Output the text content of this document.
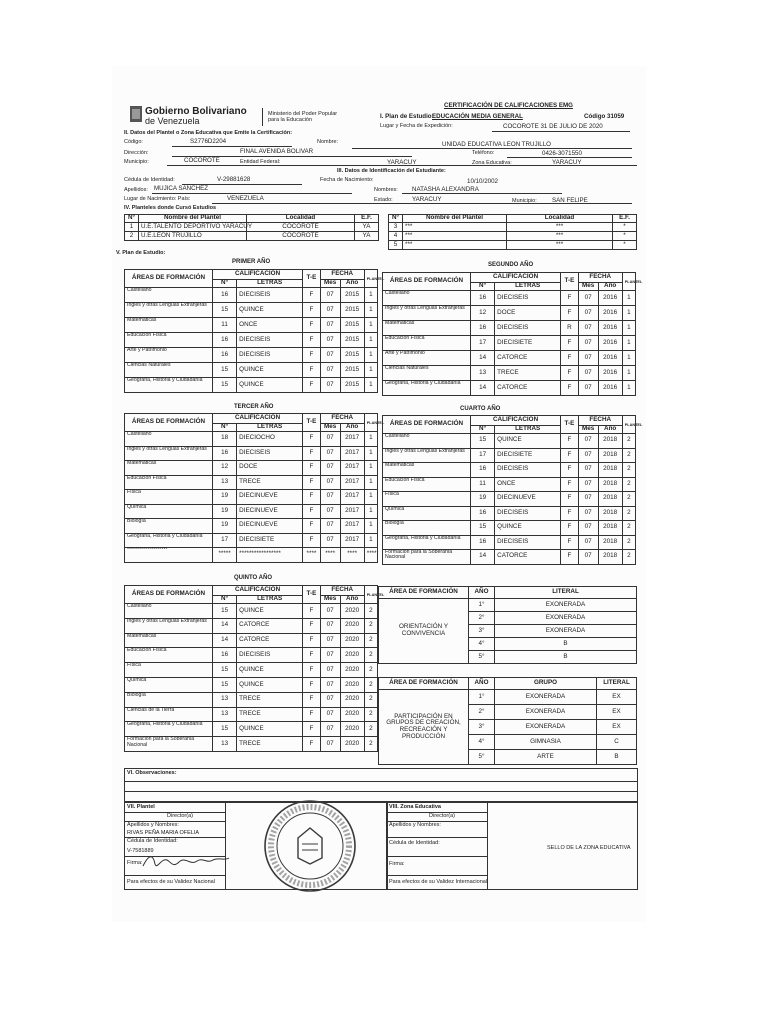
Gobierno Bolivariano
de Venezuela
Ministerio del Poder Popular
para la Educación
CERTIFICACIÓN DE CALIFICACIONES EMG
I. Plan de Estudio:
EDUCACIÓN MEDIA GENERAL	Código 31059
Lugar y Fecha de Expedición:	COCOROTE 31 DE JULIO DE 2020
II. Datos del Plantel o Zona Educativa que Emite la Certificación:
Código:	S2776D2204	Nombre:	UNIDAD EDUCATIVA LEON TRUJILLO
Dirección:	FINAL AVENIDA BOLIVAR	Teléfono:	0426-3071550
Municipio:	COCOROTE	Entidad Federal:	YARACUY	Zona Educativa:	YARACUY
III. Datos de Identificación del Estudiante:
Cédula de Identidad:	V-29881628	Fecha de Nacimiento:	10/10/2002
Apellidos: MUJICA SANCHEZ	Nombres: NATASHA ALEXANDRA
Lugar de Nacimiento: País:	VENEZUELA	Estado:	YARACUY	Municipio: SAN FELIPE
IV. Planteles donde Cursó Estudios
N°	Nombre del Plantel	Localidad	E.F.
1	U.E.TALENTO DEPORTIVO YARACUY	COCOROTE	YA
2	U.E.LEON TRUJILLO	COCOROTE	YA
N°	Nombre del Plantel	Localidad	E.F.
3	***	***	*
4	***	***	*
5	***	***	*
V. Plan de Estudio:
PRIMER AÑO	SEGUNDO AÑO
ÁREAS DE FORMACIÓN	CALIFICACIÓN		T-E	FECHA		PLANTEL
	N°	LETRAS		Mes	Año	
Castellano	16	DIECISEIS	F	07	2015	1
Inglés y otras Lenguas Extranjeras	15	QUINCE	F	07	2015	1
Matemáticas	11	ONCE	F	07	2015	1
Educación Física	16	DIECISEIS	F	07	2015	1
Arte y Patrimonio	16	DIECISEIS	F	07	2015	1
Ciencias Naturales	15	QUINCE	F	07	2015	1
Geografía, Historia y Ciudadanía	15	QUINCE	F	07	2015	1
ÁREAS DE FORMACIÓN	CALIFICACIÓN		T-E	FECHA		PLANTEL
	N°	LETRAS		Mes	Año	
Castellano	16	DIECISEIS	F	07	2016	1
Inglés y otras Lenguas Extranjeras	12	DOCE	F	07	2016	1
Matemáticas	16	DIECISEIS	R	07	2016	1
Educación Física	17	DIECISIETE	F	07	2016	1
Arte y Patrimonio	14	CATORCE	F	07	2016	1
Ciencias Naturales	13	TRECE	F	07	2016	1
Geografía, Historia y Ciudadanía	14	CATORCE	F	07	2016	1
TERCER AÑO	CUARTO AÑO
ÁREAS DE FORMACIÓN	CALIFICACIÓN		T-E	FECHA		PLANTEL
	N°	LETRAS		Mes	Año	
Castellano	18	DIECIOCHO	F	07	2017	1
Inglés y otras Lenguas Extranjeras	16	DIECISEIS	F	07	2017	1
Matemáticas	12	DOCE	F	07	2017	1
Educación Física	13	TRECE	F	07	2017	1
Física	19	DIECINUEVE	F	07	2017	1
Química	19	DIECINUEVE	F	07	2017	1
Biología	19	DIECINUEVE	F	07	2017	1
Geografía, Historia y Ciudadanía	17	DIECISIETE	F	07	2017	1
********************	*****	*****************	****	****	****	****
ÁREAS DE FORMACIÓN	CALIFICACIÓN		T-E	FECHA		PLANTEL
	N°	LETRAS		Mes	Año	
Castellano	15	QUINCE	F	07	2018	2
Inglés y otras Lenguas Extranjeras	17	DIECISIETE	F	07	2018	2
Matemáticas	16	DIECISEIS	F	07	2018	2
Educación Física	11	ONCE	F	07	2018	2
Física	19	DIECINUEVE	F	07	2018	2
Química	16	DIECISEIS	F	07	2018	2
Biología	15	QUINCE	F	07	2018	2
Geografía, Historia y Ciudadanía	16	DIECISEIS	F	07	2018	2
Formación para la Soberanía Nacional	14	CATORCE	F	07	2018	2
QUINTO AÑO
ÁREAS DE FORMACIÓN	CALIFICACIÓN		T-E	FECHA		PLANTEL
	N°	LETRAS		Mes	Año	
Castellano	15	QUINCE	F	07	2020	2
Inglés y otras Lenguas Extranjeras	14	CATORCE	F	07	2020	2
Matemáticas	14	CATORCE	F	07	2020	2
Educación Física	16	DIECISEIS	F	07	2020	2
Física	15	QUINCE	F	07	2020	2
Química	15	QUINCE	F	07	2020	2
Biología	13	TRECE	F	07	2020	2
Ciencias de la Tierra	13	TRECE	F	07	2020	2
Geografía, Historia y Ciudadanía	15	QUINCE	F	07	2020	2
Formación para la Soberanía Nacional	13	TRECE	F	07	2020	2
ÁREA DE FORMACIÓN	AÑO	LITERAL
ORIENTACIÓN Y CONVIVENCIA	1°	EXONERADA
	2°	EXONERADA
	3°	EXONERADA
	4°	B
	5°	B
ÁREA DE FORMACIÓN	AÑO	GRUPO	LITERAL
PARTICIPACIÓN EN GRUPOS DE CREACIÓN, RECREACIÓN Y PRODUCCIÓN	1°	EXONERADA	EX
	2°	EXONERADA	EX
	3°	EXONERADA	EX
	4°	GIMNASIA	C
	5°	ARTE	B
VI. Observaciones:
VII. Plantel
Director(a)
Apellidos y Nombres:
RIVAS PEÑA MARIA OFELIA
Cédula de Identidad:
V-7581889
Firma:
Para efectos de su Validez Nacional
VIII. Zona Educativa
Director(a)
Apellidos y Nombres:
Cédula de Identidad:
Firma:
Para efectos de su Validez Internacional
SELLO DE LA ZONA EDUCATIVA
